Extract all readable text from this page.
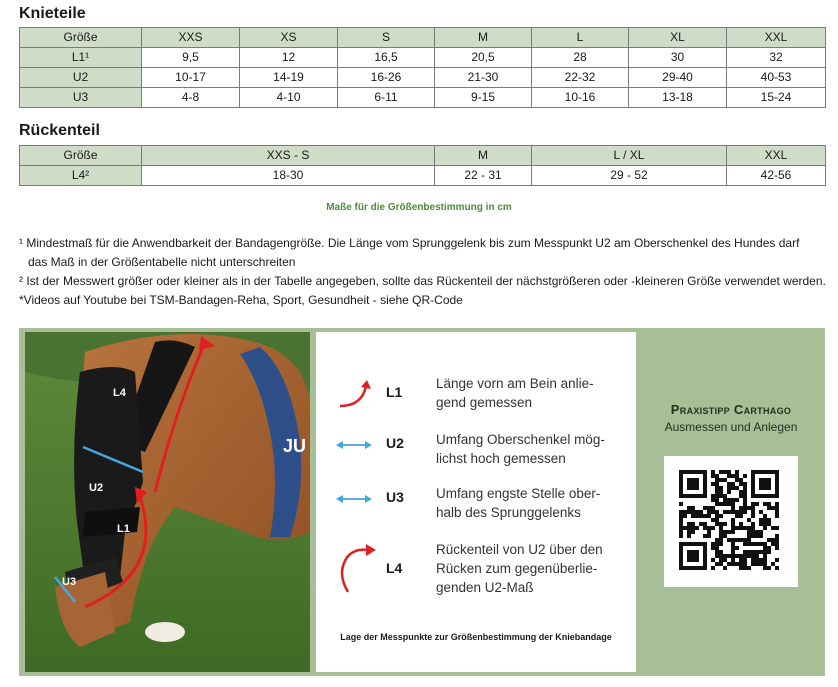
Knieteile
Größe	XXS	XS	S	M	L	XL	XXL
L1¹	9,5	12	16,5	20,5	28	30	32
U2	10-17	14-19	16-26	21-30	22-32	29-40	40-53
U3	4-8	4-10	6-11	9-15	10-16	13-18	15-24
Rückenteil
Größe	XXS - S	M	L / XL	XXL
L4²	18-30	22 - 31	29 - 52	42-56
Maße für die Größenbestimmung in cm

¹ Mindestmaß für die Anwendbarkeit der Bandagengröße. Die Länge vom Sprunggelenk bis zum Messpunkt U2 am Oberschenkel des Hundes darf

das Maß in der Größentabelle nicht unterschreiten

² Ist der Messwert größer oder kleiner als in der Tabelle angegeben, sollte das Rückenteil der nächstgrößeren oder -kleineren Größe verwendet werden.

*Videos auf Youtube bei TSM-Bandagen-Reha, Sport, Gesundheit - siehe QR-Code

JU
L4
U2
L1
U3
L1
Länge vorn am Bein anlie-
gend gemessen
U2 Umfang Oberschenkel mög-
lichst hoch gemessen
U3 Umfang engste Stelle ober-
halb des Sprunggelenks
L4
Rückenteil von U2 über den
Rücken zum gegenüberlie-
genden U2-Maß
Lage der Messpunkte zur Größenbestimmung der Kniebandage
Praxistipp Carthago
Ausmessen und Anlegen
